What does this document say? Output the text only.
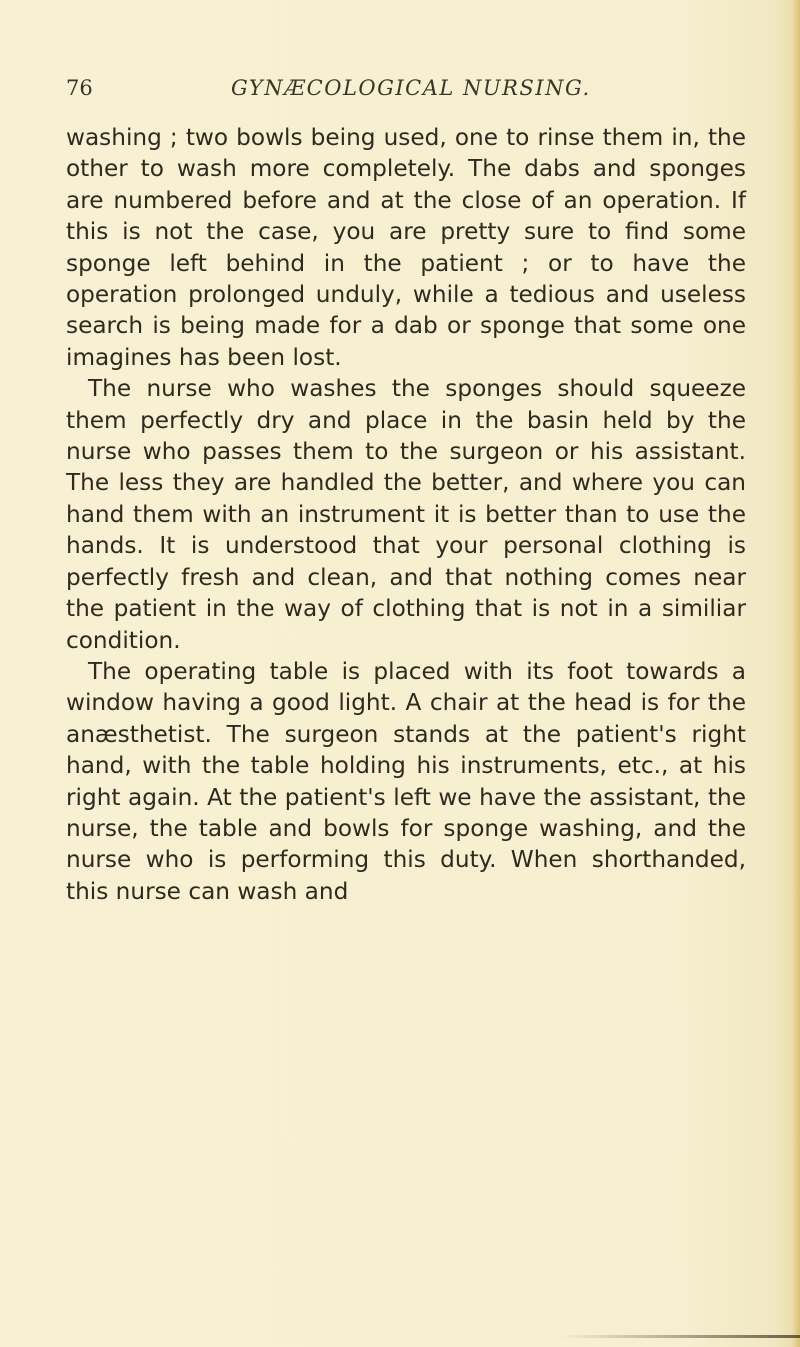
76	GYNÆCOLOGICAL NURSING.

washing ; two bowls being used, one to rinse them in, the other to wash more completely. The dabs and sponges are numbered before and at the close of an operation. If this is not the case, you are pretty sure to find some sponge left behind in the patient ; or to have the operation prolonged unduly, while a tedious and useless search is being made for a dab or sponge that some one imagines has been lost.

The nurse who washes the sponges should squeeze them perfectly dry and place in the basin held by the nurse who passes them to the surgeon or his assistant. The less they are handled the better, and where you can hand them with an instrument it is better than to use the hands. It is understood that your personal clothing is perfectly fresh and clean, and that nothing comes near the patient in the way of clothing that is not in a similiar condition.

The operating table is placed with its foot towards a window having a good light. A chair at the head is for the anæsthetist. The surgeon stands at the patient's right hand, with the table holding his instruments, etc., at his right again. At the patient's left we have the assistant, the nurse, the table and bowls for sponge washing, and the nurse who is performing this duty. When shorthanded, this nurse can wash and
